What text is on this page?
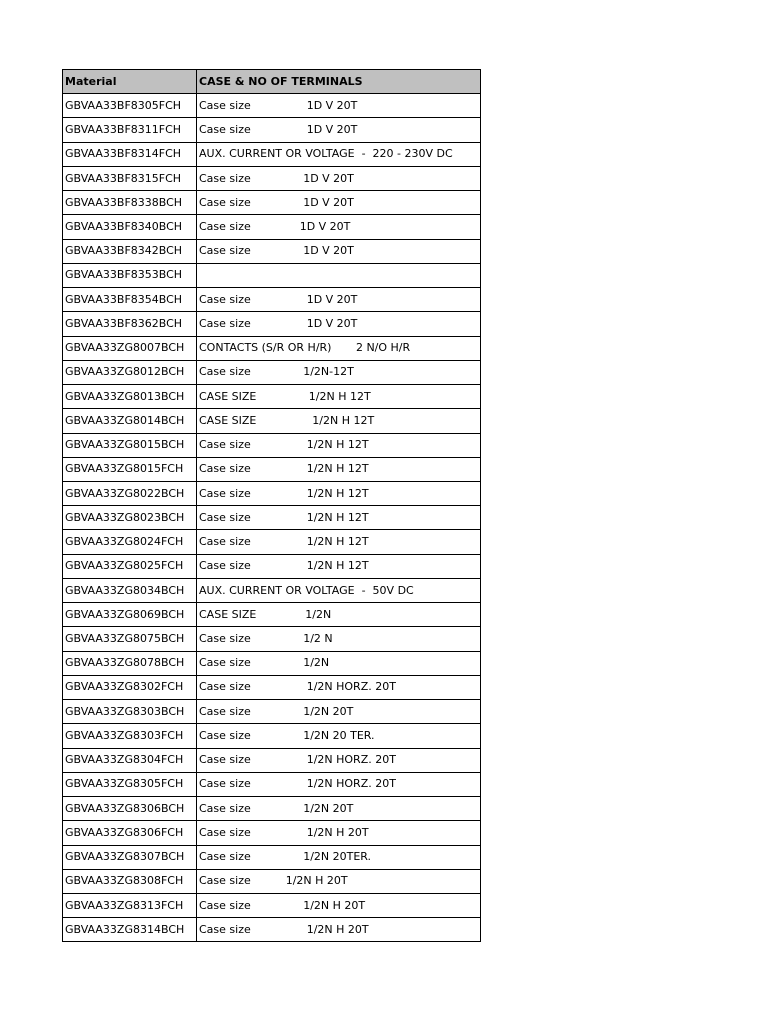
Material	CASE & NO OF TERMINALS
GBVAA33BF8305FCH	Case size                1D V 20T
GBVAA33BF8311FCH	Case size                1D V 20T
GBVAA33BF8314FCH	AUX. CURRENT OR VOLTAGE  -  220 - 230V DC
GBVAA33BF8315FCH	Case size               1D V 20T
GBVAA33BF8338BCH	Case size               1D V 20T
GBVAA33BF8340BCH	Case size              1D V 20T
GBVAA33BF8342BCH	Case size               1D V 20T
GBVAA33BF8353BCH	
GBVAA33BF8354BCH	Case size                1D V 20T
GBVAA33BF8362BCH	Case size                1D V 20T
GBVAA33ZG8007BCH	CONTACTS (S/R OR H/R)       2 N/O H/R
GBVAA33ZG8012BCH	Case size               1/2N-12T
GBVAA33ZG8013BCH	CASE SIZE               1/2N H 12T
GBVAA33ZG8014BCH	CASE SIZE                1/2N H 12T
GBVAA33ZG8015BCH	Case size                1/2N H 12T
GBVAA33ZG8015FCH	Case size                1/2N H 12T
GBVAA33ZG8022BCH	Case size                1/2N H 12T
GBVAA33ZG8023BCH	Case size                1/2N H 12T
GBVAA33ZG8024FCH	Case size                1/2N H 12T
GBVAA33ZG8025FCH	Case size                1/2N H 12T
GBVAA33ZG8034BCH	AUX. CURRENT OR VOLTAGE  -  50V DC
GBVAA33ZG8069BCH	CASE SIZE              1/2N
GBVAA33ZG8075BCH	Case size               1/2 N
GBVAA33ZG8078BCH	Case size               1/2N
GBVAA33ZG8302FCH	Case size                1/2N HORZ. 20T
GBVAA33ZG8303BCH	Case size               1/2N 20T
GBVAA33ZG8303FCH	Case size               1/2N 20 TER.
GBVAA33ZG8304FCH	Case size                1/2N HORZ. 20T
GBVAA33ZG8305FCH	Case size                1/2N HORZ. 20T
GBVAA33ZG8306BCH	Case size               1/2N 20T
GBVAA33ZG8306FCH	Case size                1/2N H 20T
GBVAA33ZG8307BCH	Case size               1/2N 20TER.
GBVAA33ZG8308FCH	Case size          1/2N H 20T
GBVAA33ZG8313FCH	Case size               1/2N H 20T
GBVAA33ZG8314BCH	Case size                1/2N H 20T
